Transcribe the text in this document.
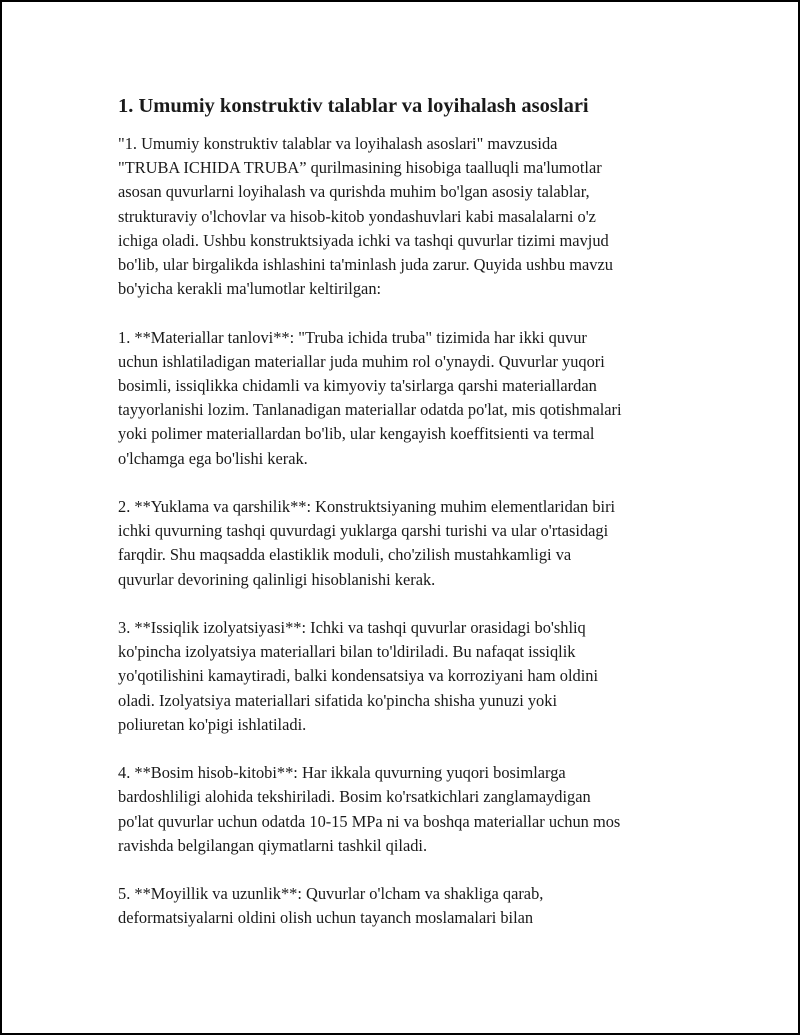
1. Umumiy konstruktiv talablar va loyihalash asoslari

"1. Umumiy konstruktiv talablar va loyihalash asoslari" mavzusida
"TRUBA ICHIDA TRUBA” qurilmasining hisobiga taalluqli ma'lumotlar
asosan quvurlarni loyihalash va qurishda muhim bo'lgan asosiy talablar,
strukturaviy o'lchovlar va hisob-kitob yondashuvlari kabi masalalarni o'z
ichiga oladi. Ushbu konstruktsiyada ichki va tashqi quvurlar tizimi mavjud
bo'lib, ular birgalikda ishlashini ta'minlash juda zarur. Quyida ushbu mavzu
bo'yicha kerakli ma'lumotlar keltirilgan:

1. **Materiallar tanlovi**: "Truba ichida truba" tizimida har ikki quvur
uchun ishlatiladigan materiallar juda muhim rol o'ynaydi. Quvurlar yuqori
bosimli, issiqlikka chidamli va kimyoviy ta'sirlarga qarshi materiallardan
tayyorlanishi lozim. Tanlanadigan materiallar odatda po'lat, mis qotishmalari
yoki polimer materiallardan bo'lib, ular kengayish koeffitsienti va termal
o'lchamga ega bo'lishi kerak.

2. **Yuklama va qarshilik**: Konstruktsiyaning muhim elementlaridan biri
ichki quvurning tashqi quvurdagi yuklarga qarshi turishi va ular o'rtasidagi
farqdir. Shu maqsadda elastiklik moduli, cho'zilish mustahkamligi va
quvurlar devorining qalinligi hisoblanishi kerak.

3. **Issiqlik izolyatsiyasi**: Ichki va tashqi quvurlar orasidagi bo'shliq
ko'pincha izolyatsiya materiallari bilan to'ldiriladi. Bu nafaqat issiqlik
yo'qotilishini kamaytiradi, balki kondensatsiya va korroziyani ham oldini
oladi. Izolyatsiya materiallari sifatida ko'pincha shisha yunuzi yoki
poliuretan ko'pigi ishlatiladi.

4. **Bosim hisob-kitobi**: Har ikkala quvurning yuqori bosimlarga
bardoshliligi alohida tekshiriladi. Bosim ko'rsatkichlari zanglamaydigan
po'lat quvurlar uchun odatda 10-15 MPa ni va boshqa materiallar uchun mos
ravishda belgilangan qiymatlarni tashkil qiladi.

5. **Moyillik va uzunlik**: Quvurlar o'lcham va shakliga qarab,
deformatsiyalarni oldini olish uchun tayanch moslamalari bilan
